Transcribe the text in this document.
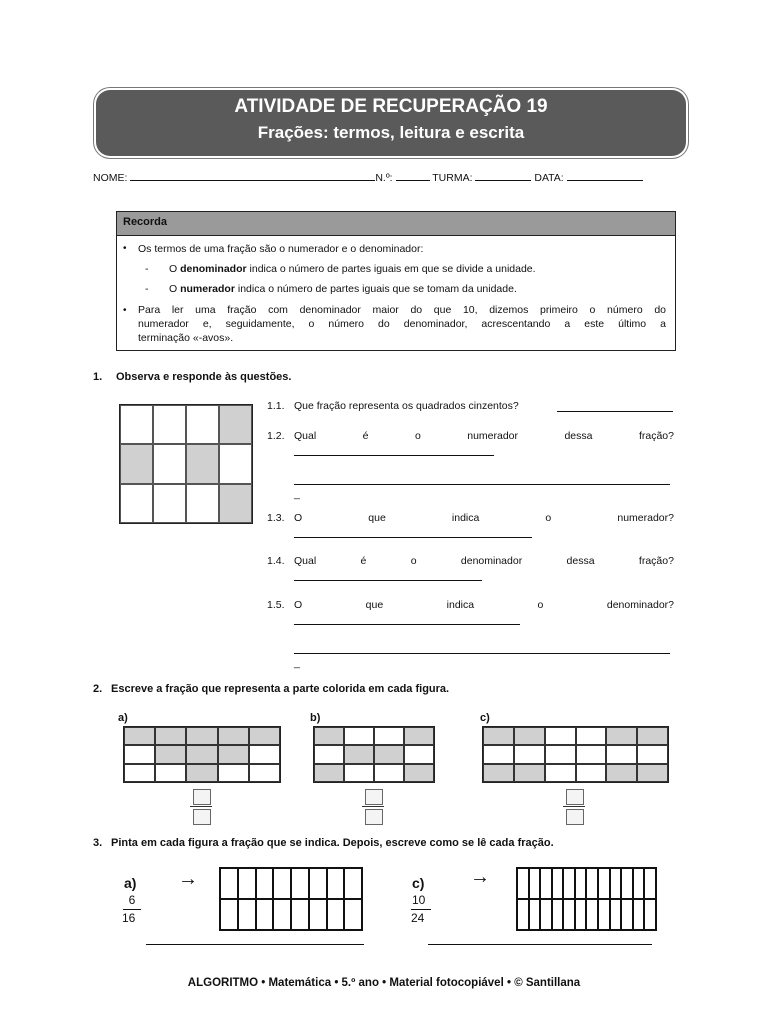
ATIVIDADE DE RECUPERAÇÃO 19
Frações: termos, leitura e escrita
NOME:	N.º:	TURMA:	DATA:
Recorda
• Os termos de uma fração são o numerador e o denominador:
- O denominador indica o número de partes iguais em que se divide a unidade.
- O numerador indica o número de partes iguais que se tomam da unidade.
• Para ler uma fração com denominador maior do que 10, dizemos primeiro o número do
numerador e, seguidamente, o número do denominador, acrescentando a este último a
terminação «-avos».
1. Observa e responde às questões.
1.1. Que fração representa os quadrados cinzentos?
1.2. Qual	é	o	numerador	dessa	fração?
_
1.3. O	que	indica	o	numerador?
1.4. Qual	é	o	denominador	dessa	fração?
1.5. O	que	indica	o	denominador?
_
2. Escreve a fração que representa a parte colorida em cada figura.
a)	b)	c)
3. Pinta em cada figura a fração que se indica. Depois, escreve como se lê cada fração.
a)
6
16
→	c)
10
24
→
ALGORITMO • Matemática • 5.º ano • Material fotocopiável • © Santillana
